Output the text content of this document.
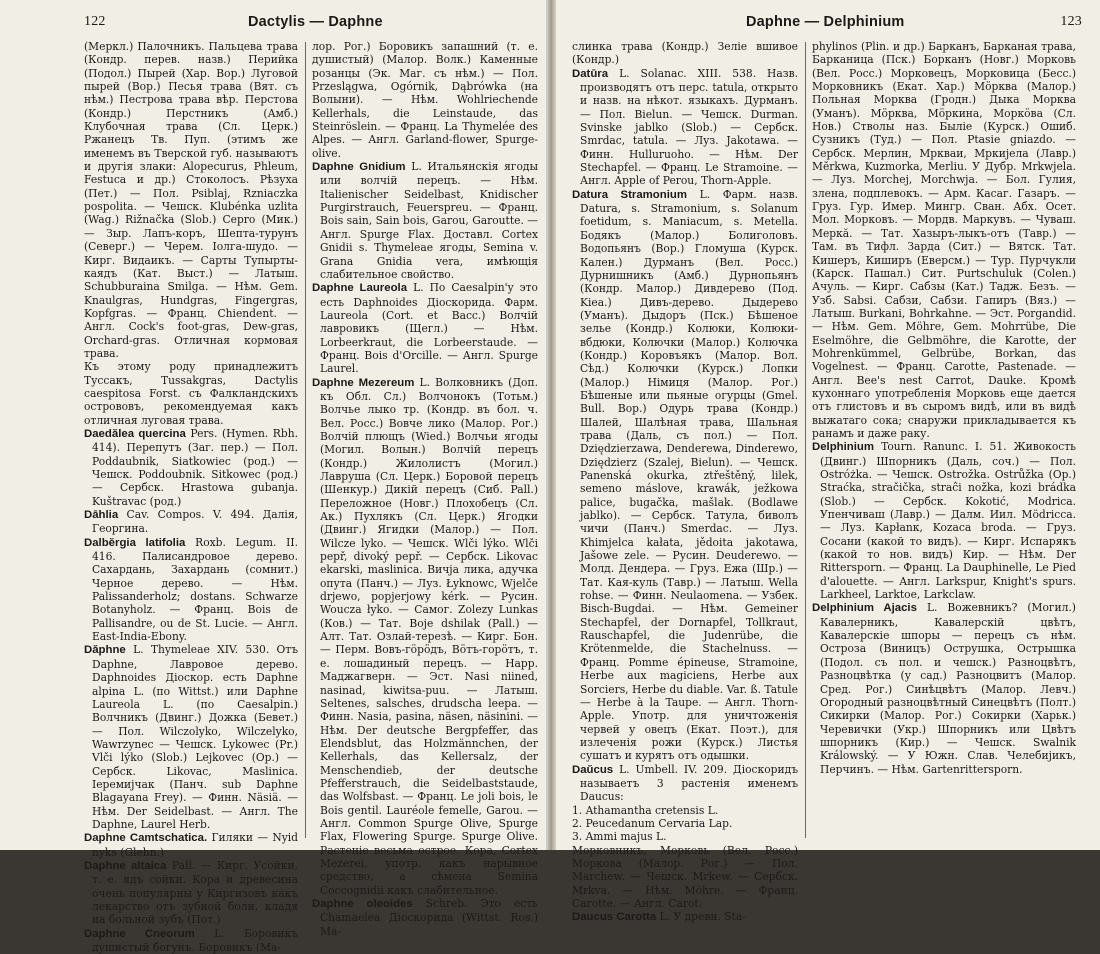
122	Dactylis — Daphne

(Меркл.) Палочникъ. Пальцева трава (Кондр. перев. назв.) Перийка (Подол.) Пырей (Хар. Вор.) Луговой пырей (Вор.) Песья трава (Вят. съ нѣм.) Пестрова трава вѣр. Перстова (Кондр.) Перстникъ (Амб.) Клубочная трава (Сл. Церк.) Ржанецъ Тв. Пуп. (этимъ же именемъ въ Тверской губ. называютъ и другія злаки: Alopecurus, Phleum, Festuca и др.) Стоколосъ. Рѣзуха (Пет.) — Пол. Psiblaj, Rzniaczka pospolita. — Чешск. Klubénka uzlita (Wag.) Rižnačka (Slob.) Cepro (Мик.) — Зыр. Лапъ-коръ, Шепта-турунъ (Северг.) — Черем. Iолга-шудо. — Кирг. Видаикъ. — Сарты Тупырты-каядъ (Кат. Выст.) — Латыш. Schubburaina Smilga. — Нѣм. Gem. Knaulgras, Hundgras, Fingergras, Kopfgras. — Франц. Chiendent. — Англ. Cock's foot-gras, Dew-gras, Orchard-gras. Отличная кормовая трава.

Къ этому роду принадлежитъ Тусcакъ, Tussakgras, Dactylis caespitosa Forst. съ Фалкландскихъ острововъ, рекомендуемая какъ отличная луговая трава.

Daedălea quercina Pers. (Hymen. Rbh. 414). Перепутъ (Заг. пер.) — Пол. Poddaubnik, Siatkowiec (род.) — Чешск. Poddoubnik. Sitkowec (род.) — Сербск. Hrastowa gubanja. Kuštravac (род.)

Dāhlia Cav. Compos. V. 494. Далія, Георгина.

Dalbĕrgia latifolia Roxb. Legum. II. 416. Палисандровое дерево. Сахардань, Захардань (сомнит.) Черное дерево. — Нѣм. Palissanderholz; dostans. Schwarze Botanyholz. — Франц. Bois de Pallisandre, ou de St. Lucie. — Англ. East-India-Ebony.

Dăphne L. Thymeleae XIV. 530. Отъ Daphne, Лавровое дерево. Daphnoides Діоскор. есть Daphne alpina L. (по Wittst.) или Daphne Laureola L. (по Caesalpin.) Волчникъ (Двинг.) Дожка (Бевет.) — Пол. Wilczolyko, Wilczelyko, Wawrzynec — Чешск. Lykowec (Pr.) Vlči lýko (Slob.) Lejkovec (Op.) — Сербск. Likovac, Maslinica. Іеремијчак (Панч. sub Daphne Blagayana Frey). — Финн. Näsiä. — Нѣм. Der Seidelbast. — Англ. The Daphne, Laurel Herb.

Daphne Camtschatica. Гиляки — Nyid nyks (Glehn.)

Daphne altaica Pall. — Кирг. Усойки, т. е. ядъ сойки. Кора и древесина очень популярны у Киргизовъ какъ лекарство отъ зубной боли, кладя на больной зубъ (Пот.)

Daphne Cneorum L. Боровикъ душистый богунъ. Боровикъ (Ма-

лор. Рог.) Боровикъ запашний (т. е. душистый) (Малор. Волк.) Каменные розанцы (Эк. Маг. съ нѣм.) — Пол. Przeslągwa, Ogórnik, Dąbrówka (на Волыни). — Нѣм. Wohlriechende Kellerhals, die Leinstaude, das Steinröslein. — Франц. La Thymelée des Alpes. — Англ. Garland-flower, Spurge-olive.

Daphne Gnidium L. Итальянскія ягоды или волчій перецъ. — Нѣм. Italienischer Seidelbast, Knidischer Purgirstrauch, Feuerspreu. — Франц. Bois sain, Sain bois, Garou, Garoutte. — Англ. Spurge Flax. Доставл. Cortex Gnidii s. Thymeleae ягоды, Semina v. Grana Gnidia vera, имѣющія слабительное свойство.

Daphne Laureola L. По Caesalpin'y это есть Daphnoides Діоскорида. Фарм. Laureola (Cort. et Bacc.) Волчій лавровикъ (Щегл.) — Нѣм. Lorbeerkraut, die Lorbeerstaude. — Франц. Bois d'Orcille. — Англ. Spurge Laurel.

Daphne Mezereum L. Волковникъ (Доп. къ Обл. Сл.) Волчонокъ (Тотьм.) Волчье лыко тр. (Кондр. въ бол. ч. Вел. Росс.) Вовче лико (Малор. Рог.) Волчій плющъ (Wied.) Волчьи ягоды (Могил. Волын.) Волчій перецъ (Кондр.) Жилолистъ (Могил.) Лавруша (Сл. Церк.) Боровой перецъ (Шенкур.) Дикій перецъ (Сиб. Pall.) Переложное (Новг.) Плохобецъ (Сл. Ак.) Пухлякъ (Сл. Церк.) Ягодки (Двинг.) Ягидки (Малор.) — Пол. Wilcze lyko. — Чешск. Wlči lýko. Wlči pepř, divoký pepř. — Сербск. Likovac ekarski, maslinica. Вичја лика, адучка опута (Панч.) — Луз. Łyknowc, Wjelče drjewo, popjerjowy kérk. — Русин. Woucza łyko. — Самог. Zolezy Lunkas (Ков.) — Тат. Boje dshilak (Pall.) — Алт. Тат. Озлай-терезѣ. — Кирг. Бон. — Перм. Вовъ-гӧрӧдъ, Вӧтъ-горӧтъ, т. е. лошадиный перецъ. — Нарр. Маджагверн. — Эст. Nasi niined, nasinad, kiwitsa-puu. — Латыш. Seltenes, salsches, drudscha leepa. — Финн. Nasia, pasina, näsen, näsinini. — Нѣм. Der deutsche Bergpfeffer, das Elendsblut, das Holzmännchen, der Kellerhals, das Kellersalz, der Menschendieb, der deutsche Pfefferstrauch, die Seidelbaststaude, das Wolfsbast. — Франц. Le joli bois, le Bois gentil. Lauréole femelle, Garou. — Англ. Common Spurge Olive, Spurge Flax, Flowering Spurge. Spurge Olive. Растеніе весьма острое. Кора, Cortex Mezerei, употр. какъ нарывное средство, а сѣмена Semina Coccognidii какъ слабительное.

Daphne oleoides Schreb. Это есть Chamaelea Діоскорида (Wittst. Ros.) Ма-

Daphne — Delphinium	123

слинка трава (Кондр.) Зеліе вшивое (Кондр.)

Datūra L. Solanac. XIII. 538. Назв. производятъ отъ перс. tatula, открыто и назв. на нѣкот. языкахъ. Дурманъ. — Пол. Bielun. — Чешск. Durman. Svinske jablko (Slob.) — Сербск. Smrdac, tatula. — Луз. Jakotawa. — Финн. Hulluruoho. — Нѣм. Der Stechapfel. — Франц. Le Stramoine. — Англ. Apple of Perou, Thorn-Apple.

Datura Stramonium L. Фарм. назв. Datura, s. Stramonium, s. Solanum foetidum, s. Maniacum, s. Metella. Бодякъ (Малор.) Болиголовъ. Водопьянъ (Вор.) Гломуша (Курск. Кален.) Дурманъ (Вел. Росс.) Дурнишникъ (Амб.) Дурнопьянъ (Кондр. Малор.) Дивдерево (Под. Kiea.) Дивъ-дерево. Дыдерево (Уманъ). Дыдоръ (Пск.) Бѣшеное зелье (Кондр.) Колюки, Колюки-вбдюки, Колючки (Малор.) Колючка (Кондр.) Коровъякъ (Малор. Вол. Сѣд.) Колючки (Курск.) Лопки (Малор.) Німиця (Малор. Рог.) Бѣшеные или пьяные огурцы (Gmel. Bull. Вор.) Одурь трава (Кондр.) Шалей, Шалѣная трава, Шальная трава (Даль, съ пол.) — Пол. Dziędzierzawa, Denderewa, Dinderewo, Dziędzierz (Szalej, Bielun). — Чешск. Panenská okurka, ztřeštěný, lilek, semeno máslove, krawák, ježkowa palice, bugačka, mašlak. (Bodlawe jablko). — Сербск. Татула, биволъ чичи (Панч.) Smerdac. — Луз. Khimjelca kałata, jědoita jakotawa, Jašowe zele. — Русин. Deuderewo. — Молд. Дендера. — Груз. Ежа (Шр.) — Тат. Кая-куль (Тавр.) — Латыш. Wella rohse. — Финн. Neulaomena. — Узбек. Bisch-Bugdai. — Нѣм. Gemeiner Stechapfel, der Dornapfel, Tollkraut, Rauschapfel, die Judenrübe, die Krötenmelde, die Stachelnuss. — Франц. Pomme épineuse, Stramoine, Herbe aux magiciens, Herbe aux Sorciers, Herbe du diable. Var. ß. Tatule — Herbe à la Taupe. — Англ. Thorn-Apple. Употр. для уничтоженія червей у овецъ (Екат. Поэт.), для излеченія рожи (Курск.) Листья сушатъ и курятъ отъ одышки.

Daŭcus L. Umbell. IV. 209. Діоскоридъ называетъ 3 растенія именемъ Daucus:

1. Athamantha cretensis L.

2. Peucedanum Cervaria Lap.

3. Ammi majus L.

Морковникъ, Морковь (Вел. Росс.) Моркова (Малор. Рог.) — Пол. Marchew. — Чешск. Mrkew. — Сербск. Mrkva. — Нѣм. Möhre. — Франц. Carotte. — Англ. Carot.

Daucus Carotta L. У древн. Sta-

phylinos (Plin. и др.) Барканъ, Барканая трава, Барканица (Пск.) Борканъ (Новг.) Морковь (Вел. Росс.) Морковецъ, Морковица (Бесс.) Морковникъ (Екат. Хар.) Мӧрква (Малор.) Польная Морква (Гродн.) Дыка Морква (Уманъ). Мӧрква, Мӧркина, Моркӧва (Сл. Нов.) Стволы наз. Былie (Курск.) Ошиб. Сузникъ (Туд.) — Пол. Ptasie gniazdo. — Сербск. Мерлин, Мркваи, Мркијела (Лавр.) Mĕrkwa, Kuzmorka, Merliu. У Дубр. Mrkwjela. — Луз. Morchej, Morchwja. — Бол. Гулия, злена, подплевокъ. — Арм. Касаг. Газаръ. — Груз. Гур. Имер. Мингр. Сван. Абх. Осет. Мол. Морковъ. — Мордв. Маркувъ. — Чуваш. Меркӑ. — Тат. Хазыръ-лыкъ-отъ (Тавр.) — Там. въ Тифл. Зарда (Сит.) — Вятск. Тат. Кишеръ, Киширъ (Еверсм.) — Тур. Пурчукли (Карск. Пашал.) Сит. Purtschuluk (Colen.) Ачуль. — Кирг. Сабзы (Кат.) Тадж. Безъ. — Узб. Sabsi. Сабзи, Сабзи. Гапиръ (Вяз.) — Латыш. Burkani, Bohrkahne. — Эст. Porgandid. — Нѣм. Gem. Möhre, Gem. Mohrrübe, Die Eselmöhre, die Gelbmöhre, die Karotte, der Mohrenkümmel, Gelbrübe, Borkan, das Vogelnest. — Франц. Carotte, Pastenade. — Англ. Bee's nest Carrot, Dauke. Кромѣ кухоннаго употребленія Морковь еще дается отъ глистовъ и въ сыромъ видѣ, или въ видѣ выжатаго сока; снаружи прикладывается къ ранамъ и даже раку.

Delphinium Tourn. Ranunc. I. 51. Живокость (Двинг.) Шпорникъ (Даль, соч.) — Пол. Ostróżka. — Чешск. Ostrožka. Ostrůžka (Op.) Straćka, stračička, straĉi nožka, kozi brádka (Slob.) — Сербск. Kokotić, Modrica. Упенчиваш (Лавр.) — Далм. Иил. Mödricca. — Луз. Kapłanк, Kozaca broda. — Груз. Сосани (какой то видъ). — Кирг. Испарякъ (какой то нов. видъ) Кир. — Нѣм. Der Rittersporn. — Франц. La Dauphinelle, Le Pied d'alouette. — Англ. Larkspur, Knight's spurs. Larkheel, Larktoe, Larkclaw.

Delphinium Ajacis L. Вожевникъ? (Могил.) Кавалерникъ, Кавалерскій цвѣтъ, Кавалерскіе шпоры — перецъ съ нѣм. Остроза (Виницъ) Острушка, Острышка (Подол. съ пол. и чешск.) Разноцвѣтъ, Разноцвѣтка (у сад.) Разноцвитъ (Малор. Сред. Рог.) Синѣцвѣтъ (Малор. Левч.) Огородный разноцвѣтный Синецвѣтъ (Полт.) Сикирки (Малор. Рог.) Сокирки (Харьк.) Черевички (Укр.) Шпорникъ или Цвѣтъ шпорникъ (Кир.) — Чешск. Swalnik Králowský. — У Южн. Слав. Челебиjикъ, Перчинъ. — Нѣм. Gartenrittersporn.
